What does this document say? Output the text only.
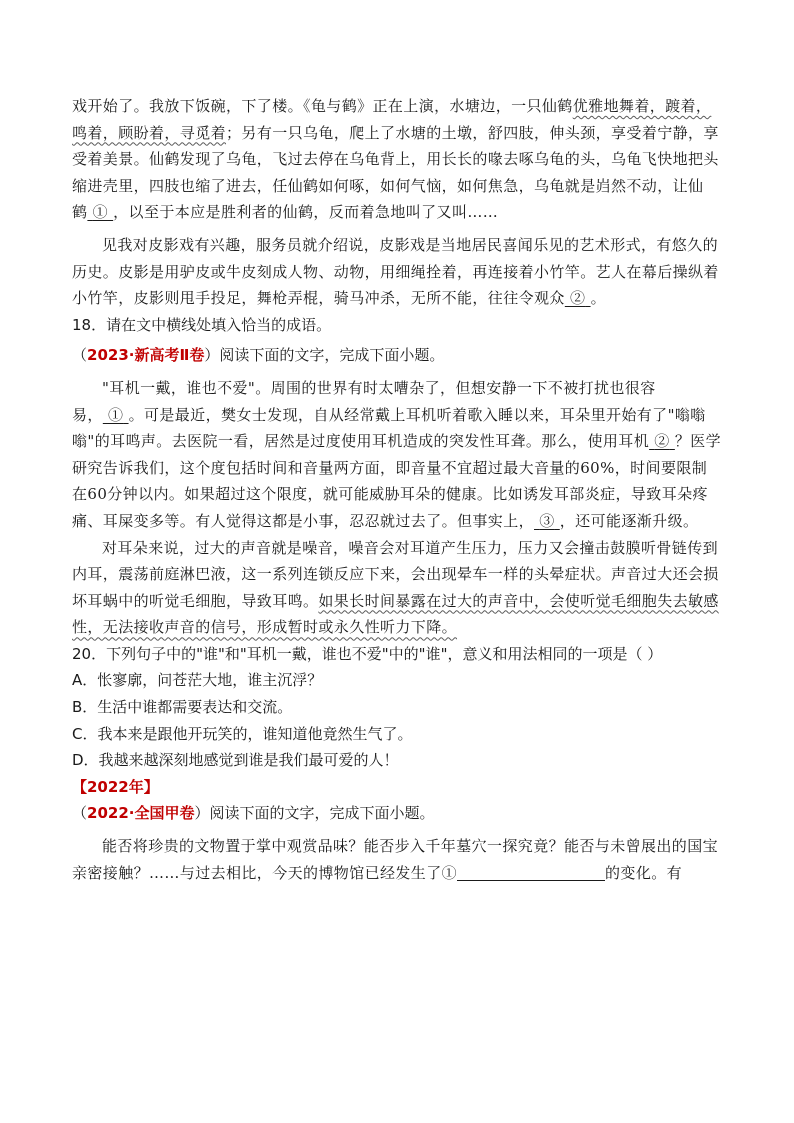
戏开始了。我放下饭碗，下了楼。《龟与鹤》正在上演，水塘边，一只仙鹤优雅地舞着，踱着，鸣着，顾盼着，寻觅着；另有一只乌龟，爬上了水塘的土墩，舒四肢，伸头颈，享受着宁静，享受着美景。仙鹤发现了乌龟，飞过去停在乌龟背上，用长长的喙去啄乌龟的头，乌龟飞快地把头缩进壳里，四肢也缩了进去，任仙鹤如何啄，如何气恼，如何焦急，乌龟就是岿然不动，让仙鹤 ① ，以至于本应是胜利者的仙鹤，反而着急地叫了又叫……

见我对皮影戏有兴趣，服务员就介绍说，皮影戏是当地居民喜闻乐见的艺术形式，有悠久的历史。皮影是用驴皮或牛皮刻成人物、动物，用细绳拴着，再连接着小竹竿。艺人在幕后操纵着小竹竿，皮影则甩手投足，舞枪弄棍，骑马冲杀，无所不能，往往令观众 ② 。

18．请在文中横线处填入恰当的成语。

（2023·新高考Ⅱ卷）阅读下面的文字，完成下面小题。

"耳机一戴，谁也不爱"。周围的世界有时太嘈杂了，但想安静一下不被打扰也很容易， ① 。可是最近，樊女士发现，自从经常戴上耳机听着歌入睡以来，耳朵里开始有了"嗡嗡嗡"的耳鸣声。去医院一看，居然是过度使用耳机造成的突发性耳聋。那么，使用耳机 ② ？医学研究告诉我们，这个度包括时间和音量两方面，即音量不宜超过最大音量的60%，时间要限制在60分钟以内。如果超过这个限度，就可能威胁耳朵的健康。比如诱发耳部炎症，导致耳朵疼痛、耳屎变多等。有人觉得这都是小事，忍忍就过去了。但事实上， ③ ，还可能逐渐升级。

对耳朵来说，过大的声音就是噪音，噪音会对耳道产生压力，压力又会撞击鼓膜听骨链传到内耳，震荡前庭淋巴液，这一系列连锁反应下来，会出现晕车一样的头晕症状。声音过大还会损坏耳蜗中的听觉毛细胞，导致耳鸣。如果长时间暴露在过大的声音中，会使听觉毛细胞失去敏感性，无法接收声音的信号，形成暂时或永久性听力下降。

20．下列句子中的"谁"和"耳机一戴，谁也不爱"中的"谁"，意义和用法相同的一项是（ ）

A．怅寥廓，问苍茫大地，谁主沉浮？

B．生活中谁都需要表达和交流。

C．我本来是跟他开玩笑的，谁知道他竟然生气了。

D．我越来越深刻地感觉到谁是我们最可爱的人！

【2022年】

（2022·全国甲卷）阅读下面的文字，完成下面小题。

能否将珍贵的文物置于掌中观赏品味？能否步入千年墓穴一探究竟？能否与未曾展出的国宝亲密接触？……与过去相比，今天的博物馆已经发生了①	的变化。有
